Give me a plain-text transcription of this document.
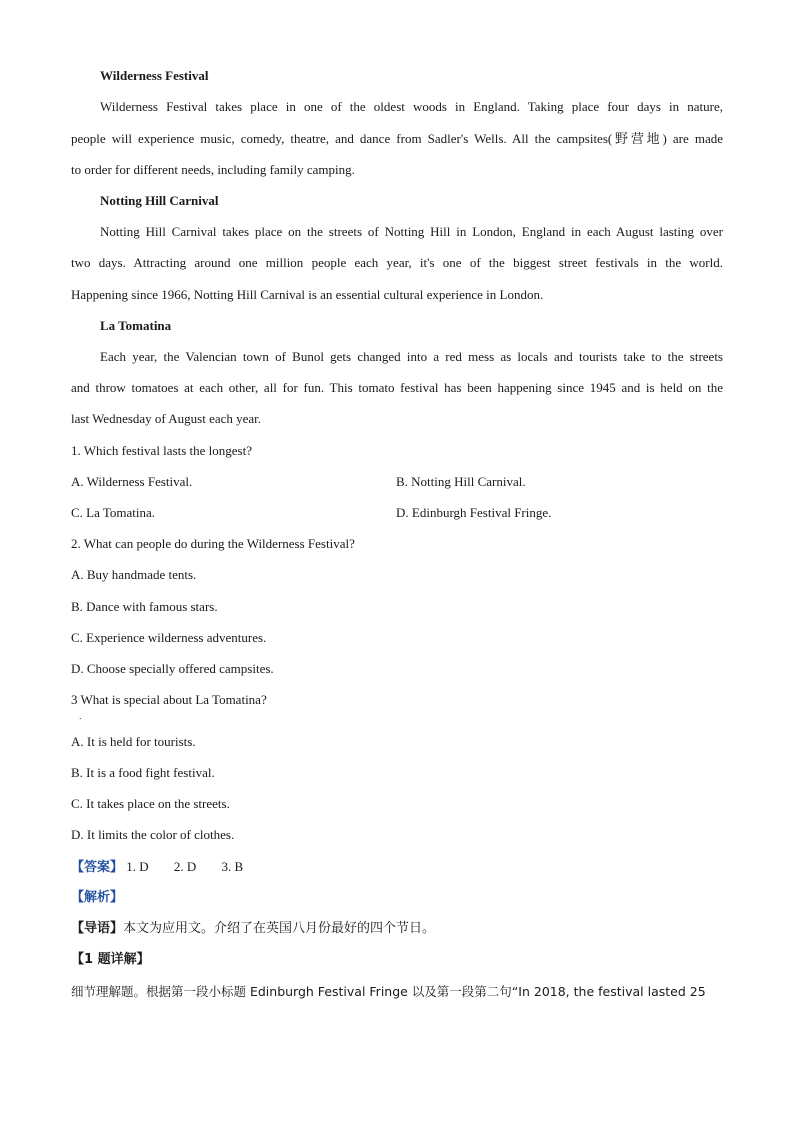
Wilderness Festival
Wilderness Festival takes place in one of the oldest woods in England. Taking place four days in nature,
people will experience music, comedy, theatre, and dance from Sadler's Wells. All the campsites(野营地) are made
to order for different needs, including family camping.
Notting Hill Carnival
Notting Hill Carnival takes place on the streets of Notting Hill in London, England in each August lasting over
two days. Attracting around one million people each year, it's one of the biggest street festivals in the world.
Happening since 1966, Notting Hill Carnival is an essential cultural experience in London.
La Tomatina
Each year, the Valencian town of Bunol gets changed into a red mess as locals and tourists take to the streets
and throw tomatoes at each other, all for fun. This tomato festival has been happening since 1945 and is held on the
last Wednesday of August each year.
1. Which festival lasts the longest?
A. Wilderness Festival.	B. Notting Hill Carnival.
C. La Tomatina.	D. Edinburgh Festival Fringe.
2. What can people do during the Wilderness Festival?
A. Buy handmade tents.
B. Dance with famous stars.
C. Experience wilderness adventures.
D. Choose specially offered campsites.
3 What is special about La Tomatina?
．
A. It is held for tourists.
B. It is a food fight festival.
C. It takes place on the streets.
D. It limits the color of clothes.
【答案】 1. D 2. D 3. B
【解析】
【导语】本文为应用文。介绍了在英国八月份最好的四个节日。
【1 题详解】
细节理解题。根据第一段小标题 Edinburgh Festival Fringe 以及第一段第二句“In 2018, the festival lasted 25
